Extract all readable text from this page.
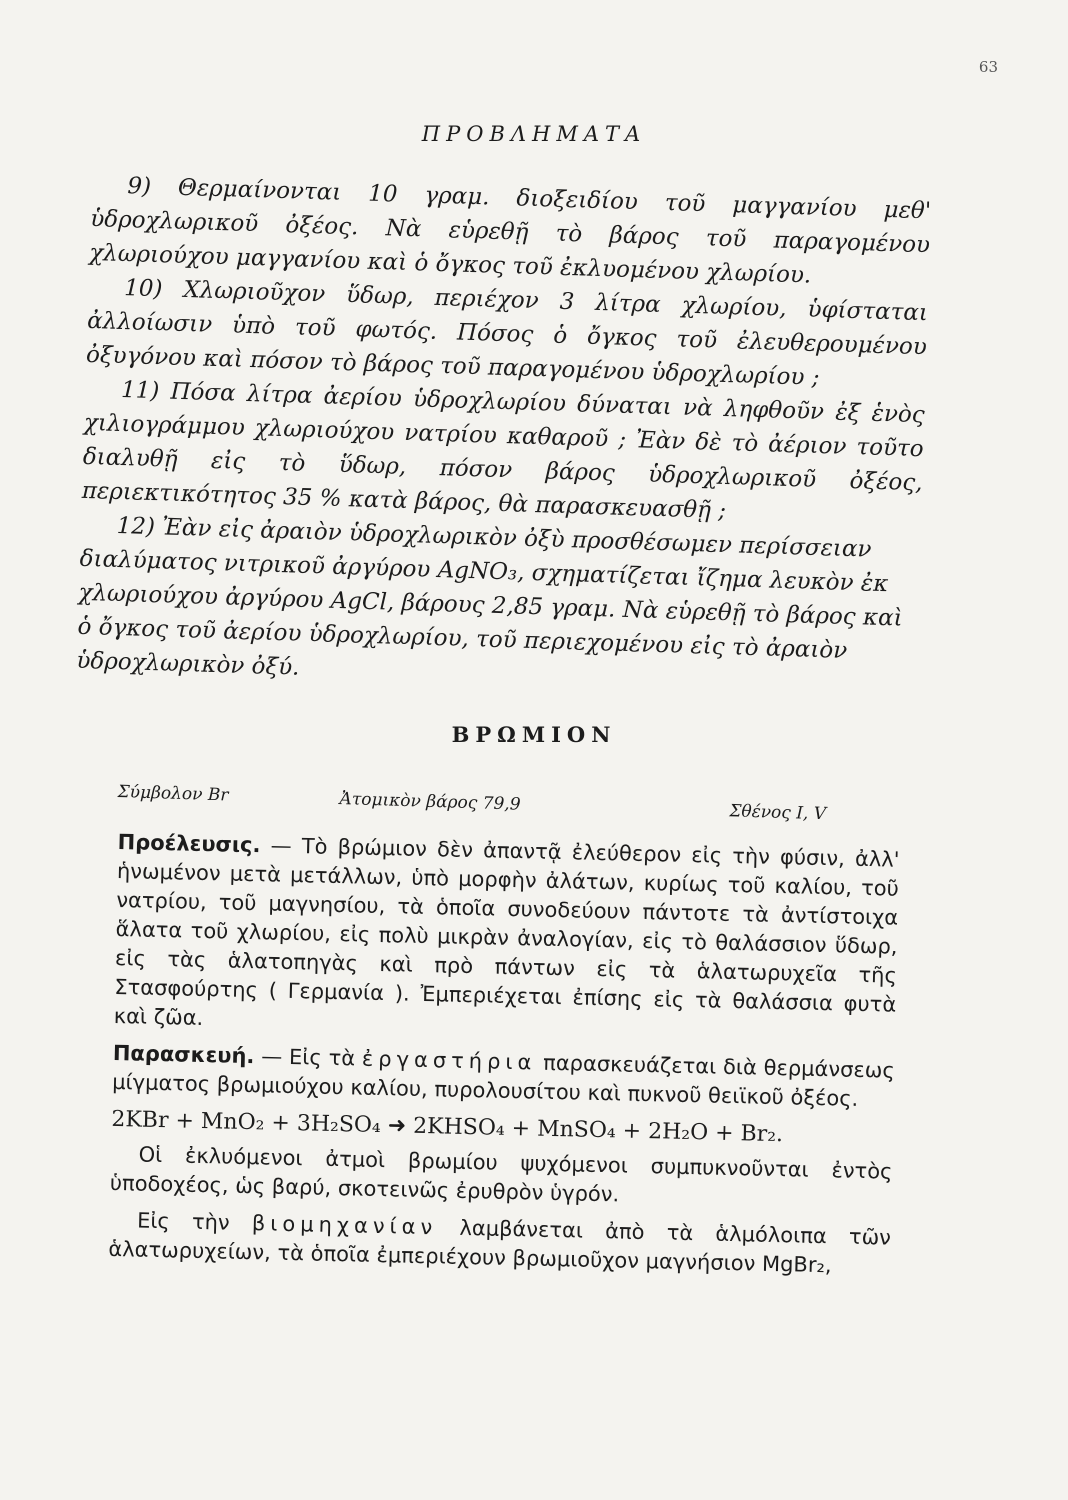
63
ΠΡΟΒΛΗΜΑΤΑ

9) Θερμαίνονται 10 γραμ. διοξειδίου τοῦ μαγγανίου μεθ' ὑδροχλωρικοῦ ὀξέος. Νὰ εὑρεθῇ τὸ βάρος τοῦ παραγομένου χλωριούχου μαγγανίου καὶ ὁ ὄγκος τοῦ ἐκλυομένου χλωρίου.

10) Χλωριοῦχον ὕδωρ, περιέχον 3 λίτρα χλωρίου, ὑφίσταται ἀλλοίωσιν ὑπὸ τοῦ φωτός. Πόσος ὁ ὄγκος τοῦ ἐλευθερουμένου ὀξυγόνου καὶ πόσον τὸ βάρος τοῦ παραγομένου ὑδροχλωρίου ;

11) Πόσα λίτρα ἀερίου ὑδροχλωρίου δύναται νὰ ληφθοῦν ἐξ ἑνὸς χιλιογράμμου χλωριούχου νατρίου καθαροῦ ; Ἐὰν δὲ τὸ ἀέριον τοῦτο διαλυθῇ εἰς τὸ ὕδωρ, πόσον βάρος ὑδροχλωρικοῦ ὀξέος, περιεκτικότητος 35 % κατὰ βάρος, θὰ παρασκευασθῇ ;

12) Ἐὰν εἰς ἀραιὸν ὑδροχλωρικὸν ὀξὺ προσθέσωμεν περίσσειαν διαλύματος νιτρικοῦ ἀργύρου AgNO₃, σχηματίζεται ἴζημα λευκὸν ἐκ χλωριούχου ἀργύρου AgCl, βάρους 2,85 γραμ. Νὰ εὑρεθῇ τὸ βάρος καὶ ὁ ὄγκος τοῦ ἀερίου ὑδροχλωρίου, τοῦ περιεχομένου εἰς τὸ ἀραιὸν ὑδροχλωρικὸν ὀξύ.

ΒΡΩΜΙΟΝ
Σύμβολον Br	Ἀτομικὸν βάρος 79,9	Σθένος I, V

Προέλευσις. — Τὸ βρώμιον δὲν ἀπαντᾷ ἐλεύθερον εἰς τὴν φύσιν, ἀλλ' ἡνωμένον μετὰ μετάλλων, ὑπὸ μορφὴν ἀλάτων, κυρίως τοῦ καλίου, τοῦ νατρίου, τοῦ μαγνησίου, τὰ ὁποῖα συνοδεύουν πάντοτε τὰ ἀντίστοιχα ἅλατα τοῦ χλωρίου, εἰς πολὺ μικρὰν ἀναλογίαν, εἰς τὸ θαλάσσιον ὕδωρ, εἰς τὰς ἁλατοπηγὰς καὶ πρὸ πάντων εἰς τὰ ἁλατωρυχεῖα τῆς Στασφούρτης ( Γερμανία ). Ἐμπεριέχεται ἐπίσης εἰς τὰ θαλάσσια φυτὰ καὶ ζῶα.

Παρασκευή. — Εἰς τὰ ἐργαστήρια παρασκευάζεται διὰ θερμάνσεως μίγματος βρωμιούχου καλίου, πυρολουσίτου καὶ πυκνοῦ θειϊκοῦ ὀξέος.

2KBr + MnO₂ + 3H₂SO₄ ➜ 2KHSO₄ + MnSO₄ + 2H₂O + Br₂.

Οἱ ἐκλυόμενοι ἀτμοὶ βρωμίου ψυχόμενοι συμπυκνοῦνται ἐντὸς ὑποδοχέος, ὡς βαρύ, σκοτεινῶς ἐρυθρὸν ὑγρόν.

Εἰς τὴν βιομηχανίαν λαμβάνεται ἀπὸ τὰ ἁλμόλοιπα τῶν ἁλατωρυχείων, τὰ ὁποῖα ἐμπεριέχουν βρωμιοῦχον μαγνήσιον MgBr₂,
